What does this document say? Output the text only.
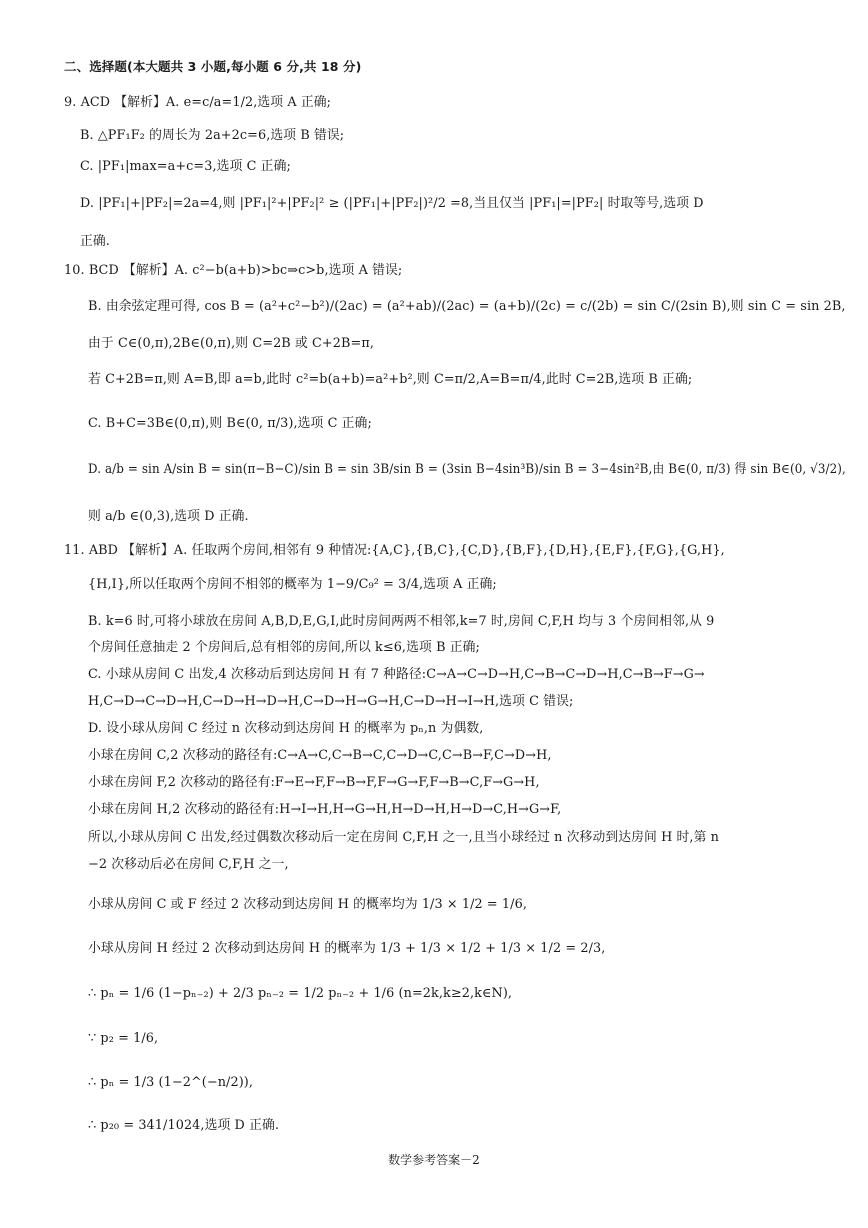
二、选择题(本大题共 3 小题,每小题 6 分,共 18 分)
9. ACD 【解析】A. e=c/a=1/2,选项 A 正确;
B. △PF₁F₂ 的周长为 2a+2c=6,选项 B 错误;
C. |PF₁|max=a+c=3,选项 C 正确;
D. |PF₁|+|PF₂|=2a=4,则 |PF₁|²+|PF₂|² ≥ (|PF₁|+|PF₂|)²/2 =8,当且仅当 |PF₁|=|PF₂| 时取等号,选项 D
正确.
10. BCD 【解析】A. c²−b(a+b)>bc⇒c>b,选项 A 错误;
B. 由余弦定理可得, cos B = (a²+c²−b²)/(2ac) = (a²+ab)/(2ac) = (a+b)/(2c) = c/(2b) = sin C/(2sin B),则 sin C = sin 2B,
由于 C∈(0,π),2B∈(0,π),则 C=2B 或 C+2B=π,
若 C+2B=π,则 A=B,即 a=b,此时 c²=b(a+b)=a²+b²,则 C=π/2,A=B=π/4,此时 C=2B,选项 B 正确;
C. B+C=3B∈(0,π),则 B∈(0, π/3),选项 C 正确;
D. a/b = sin A/sin B = sin(π−B−C)/sin B = sin 3B/sin B = (3sin B−4sin³B)/sin B = 3−4sin²B,由 B∈(0, π/3) 得 sin B∈(0, √3/2),
则 a/b ∈(0,3),选项 D 正确.
11. ABD 【解析】A. 任取两个房间,相邻有 9 种情况:{A,C},{B,C},{C,D},{B,F},{D,H},{E,F},{F,G},{G,H},
{H,I},所以任取两个房间不相邻的概率为 1−9/C₉² = 3/4,选项 A 正确;
B. k=6 时,可将小球放在房间 A,B,D,E,G,I,此时房间两两不相邻,k=7 时,房间 C,F,H 均与 3 个房间相邻,从 9
个房间任意抽走 2 个房间后,总有相邻的房间,所以 k≤6,选项 B 正确;
C. 小球从房间 C 出发,4 次移动后到达房间 H 有 7 种路径:C→A→C→D→H,C→B→C→D→H,C→B→F→G→
H,C→D→C→D→H,C→D→H→D→H,C→D→H→G→H,C→D→H→I→H,选项 C 错误;
D. 设小球从房间 C 经过 n 次移动到达房间 H 的概率为 pₙ,n 为偶数,
小球在房间 C,2 次移动的路径有:C→A→C,C→B→C,C→D→C,C→B→F,C→D→H,
小球在房间 F,2 次移动的路径有:F→E→F,F→B→F,F→G→F,F→B→C,F→G→H,
小球在房间 H,2 次移动的路径有:H→I→H,H→G→H,H→D→H,H→D→C,H→G→F,
所以,小球从房间 C 出发,经过偶数次移动后一定在房间 C,F,H 之一,且当小球经过 n 次移动到达房间 H 时,第 n
−2 次移动后必在房间 C,F,H 之一,
小球从房间 C 或 F 经过 2 次移动到达房间 H 的概率均为 1/3 × 1/2 = 1/6,
小球从房间 H 经过 2 次移动到达房间 H 的概率为 1/3 + 1/3 × 1/2 + 1/3 × 1/2 = 2/3,
∴ pₙ = 1/6 (1−pₙ₋₂) + 2/3 pₙ₋₂ = 1/2 pₙ₋₂ + 1/6 (n=2k,k≥2,k∈N),
∵ p₂ = 1/6,
∴ pₙ = 1/3 (1−2^(−n/2)),
∴ p₂₀ = 341/1024,选项 D 正确.
数学参考答案－2
